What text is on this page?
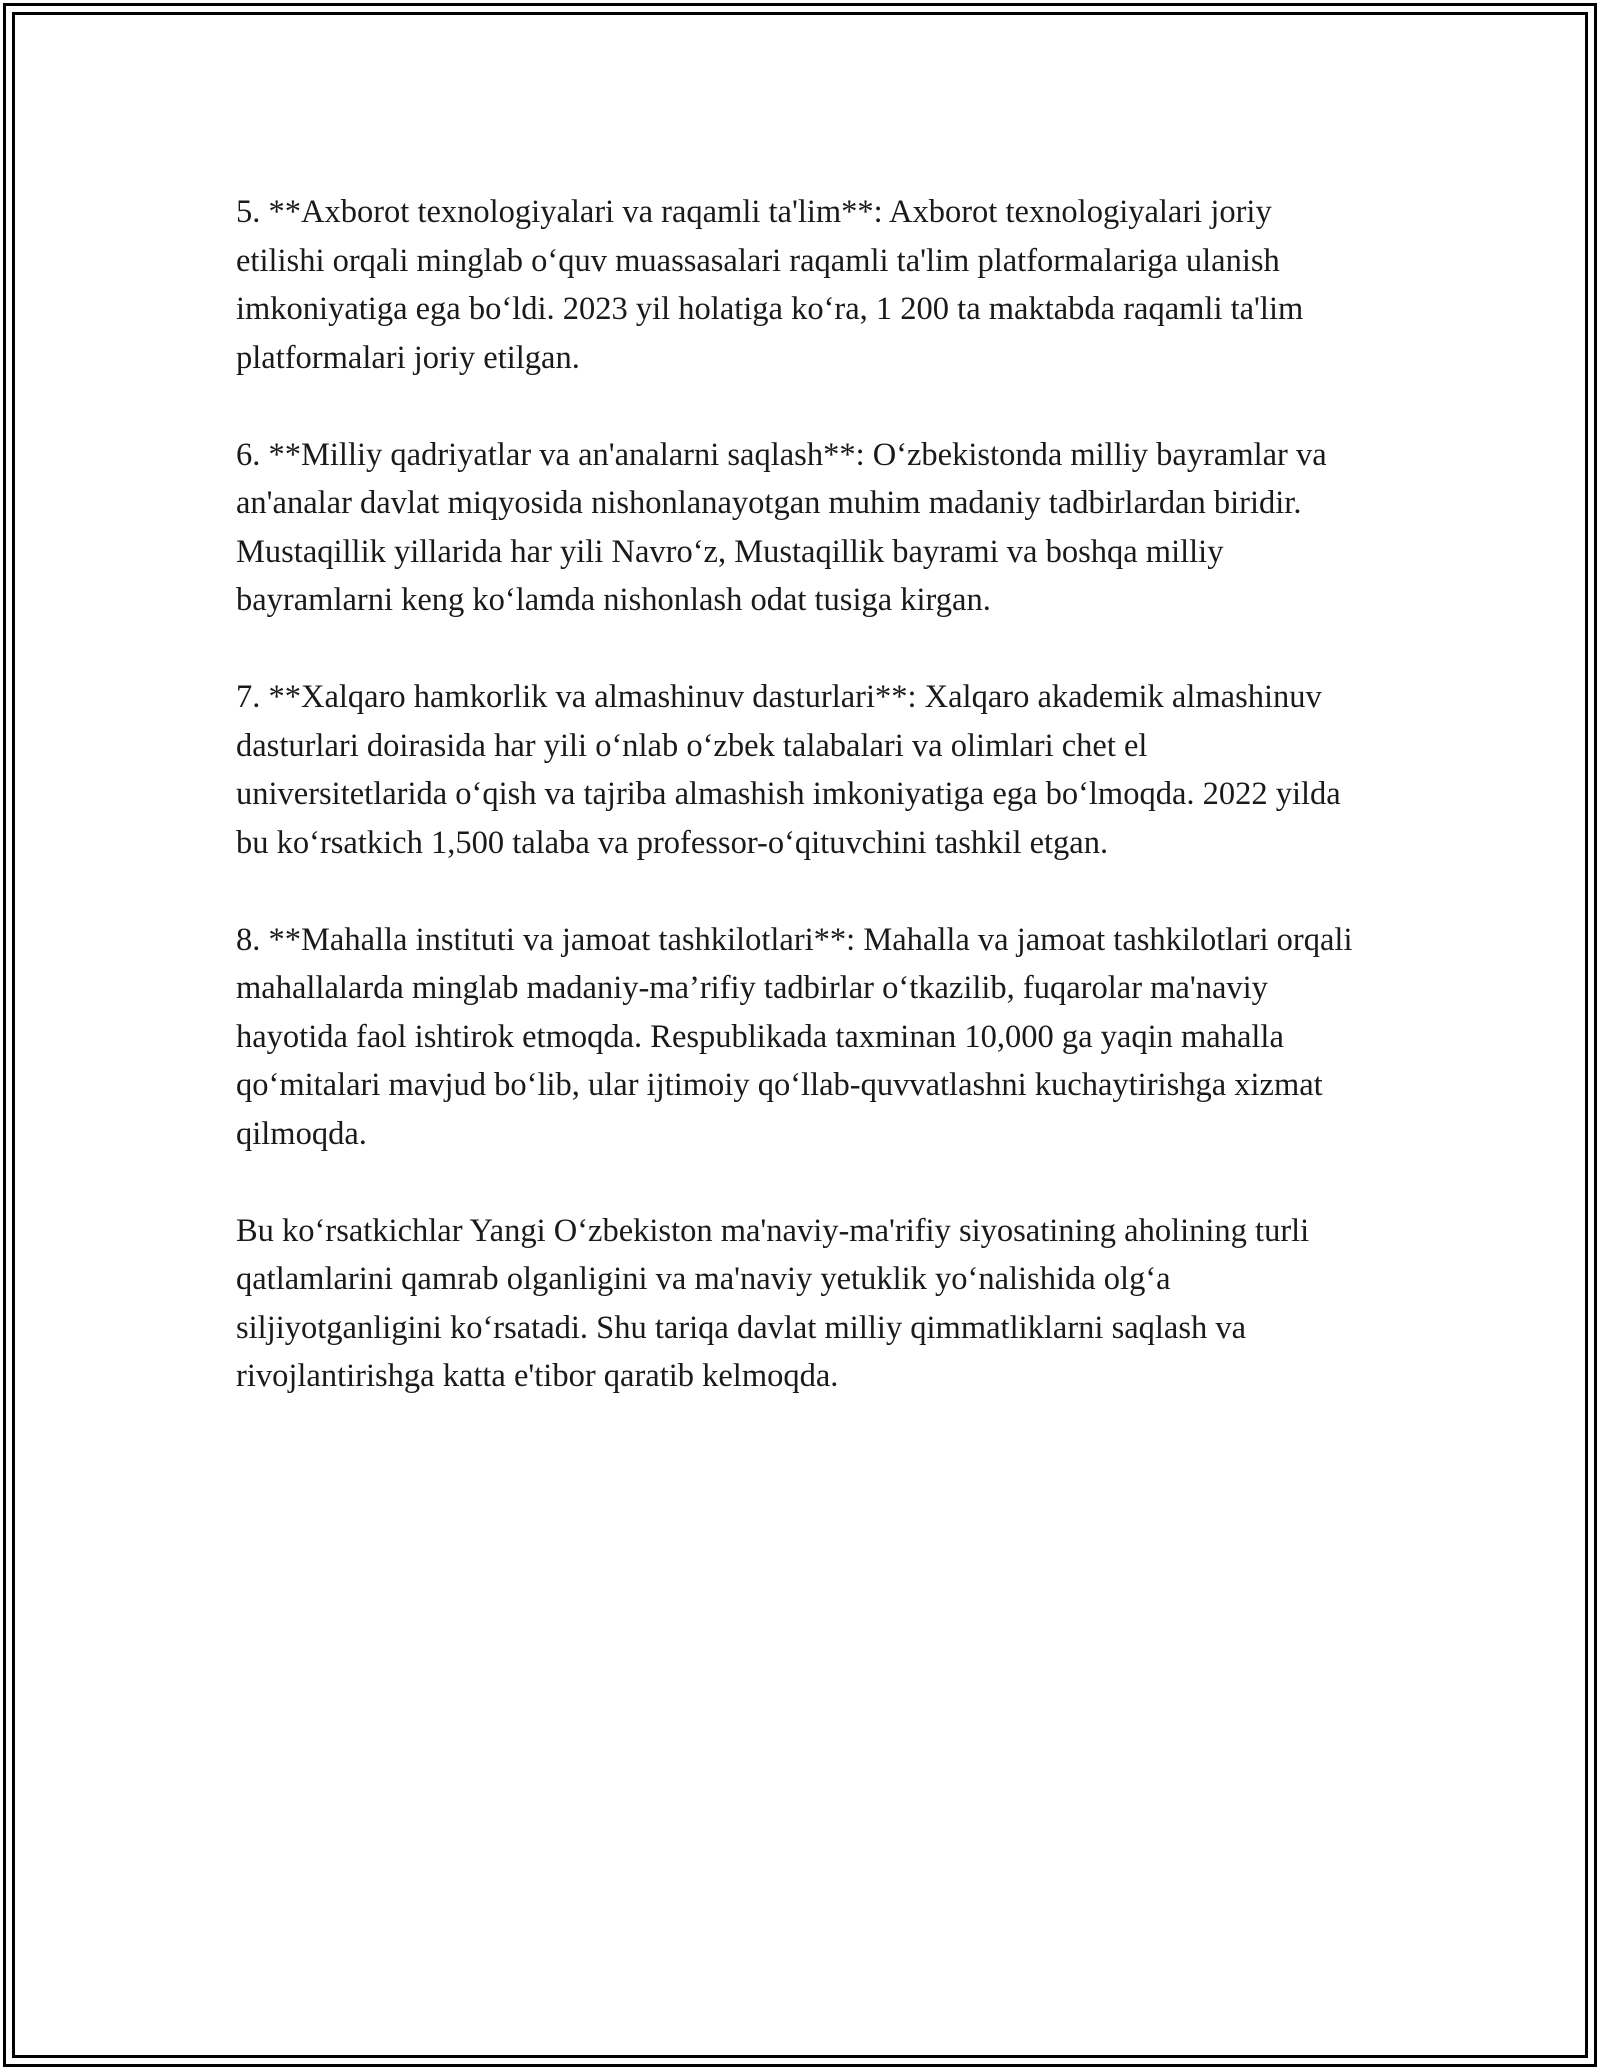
5. **Axborot texnologiyalari va raqamli ta'lim**: Axborot texnologiyalari joriy etilishi orqali minglab o‘quv muassasalari raqamli ta'lim platformalariga ulanish imkoniyatiga ega bo‘ldi. 2023 yil holatiga ko‘ra, 1 200 ta maktabda raqamli ta'lim platformalari joriy etilgan.

6. **Milliy qadriyatlar va an'analarni saqlash**: O‘zbekistonda milliy bayramlar va an'analar davlat miqyosida nishonlanayotgan muhim madaniy tadbirlardan biridir. Mustaqillik yillarida har yili Navro‘z, Mustaqillik bayrami va boshqa milliy bayramlarni keng ko‘lamda nishonlash odat tusiga kirgan.

7. **Xalqaro hamkorlik va almashinuv dasturlari**: Xalqaro akademik almashinuv dasturlari doirasida har yili o‘nlab o‘zbek talabalari va olimlari chet el universitetlarida o‘qish va tajriba almashish imkoniyatiga ega bo‘lmoqda. 2022 yilda bu ko‘rsatkich 1,500 talaba va professor-o‘qituvchini tashkil etgan.

8. **Mahalla instituti va jamoat tashkilotlari**: Mahalla va jamoat tashkilotlari orqali mahallalarda minglab madaniy-ma’rifiy tadbirlar o‘tkazilib, fuqarolar ma'naviy hayotida faol ishtirok etmoqda. Respublikada taxminan 10,000 ga yaqin mahalla qo‘mitalari mavjud bo‘lib, ular ijtimoiy qo‘llab-quvvatlashni kuchaytirishga xizmat qilmoqda.

Bu ko‘rsatkichlar Yangi O‘zbekiston ma'naviy-ma'rifiy siyosatining aholining turli qatlamlarini qamrab olganligini va ma'naviy yetuklik yo‘nalishida olg‘a siljiyotganligini ko‘rsatadi. Shu tariqa davlat milliy qimmatliklarni saqlash va rivojlantirishga katta e'tibor qaratib kelmoqda.
